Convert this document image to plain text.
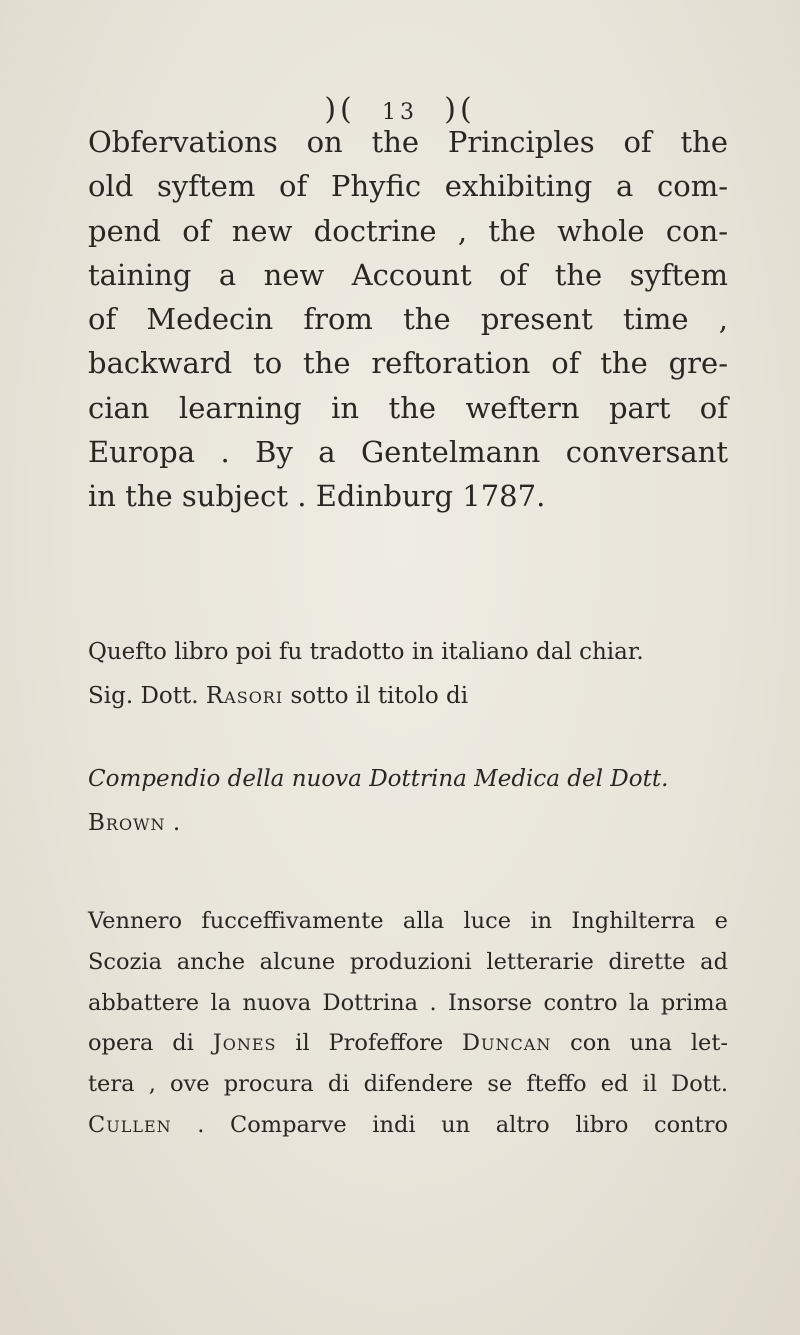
)( 13 )(
Obfervations on the Principles of the
old syftem of Phyfic exhibiting a com-
pend of new doctrine , the whole con-
taining a new Account of the syftem
of Medecin from the present time ,
backward to the reftoration of the gre-
cian learning in the weftern part of
Europa . By a Gentelmann conversant
in the subject . Edinburg 1787.
Quefto libro poi fu tradotto in italiano dal chiar.
Sig. Dott. Rasori sotto il titolo di
Compendio della nuova Dottrina Medica del Dott.
Brown .
Vennero fucceffivamente alla luce in Inghilterra e
Scozia anche alcune produzioni letterarie dirette ad
abbattere la nuova Dottrina . Insorse contro la prima
opera di Jones il Profeffore Duncan con una let-
tera , ove procura di difendere se fteffo ed il Dott.
Cullen . Comparve indi un altro libro contro
